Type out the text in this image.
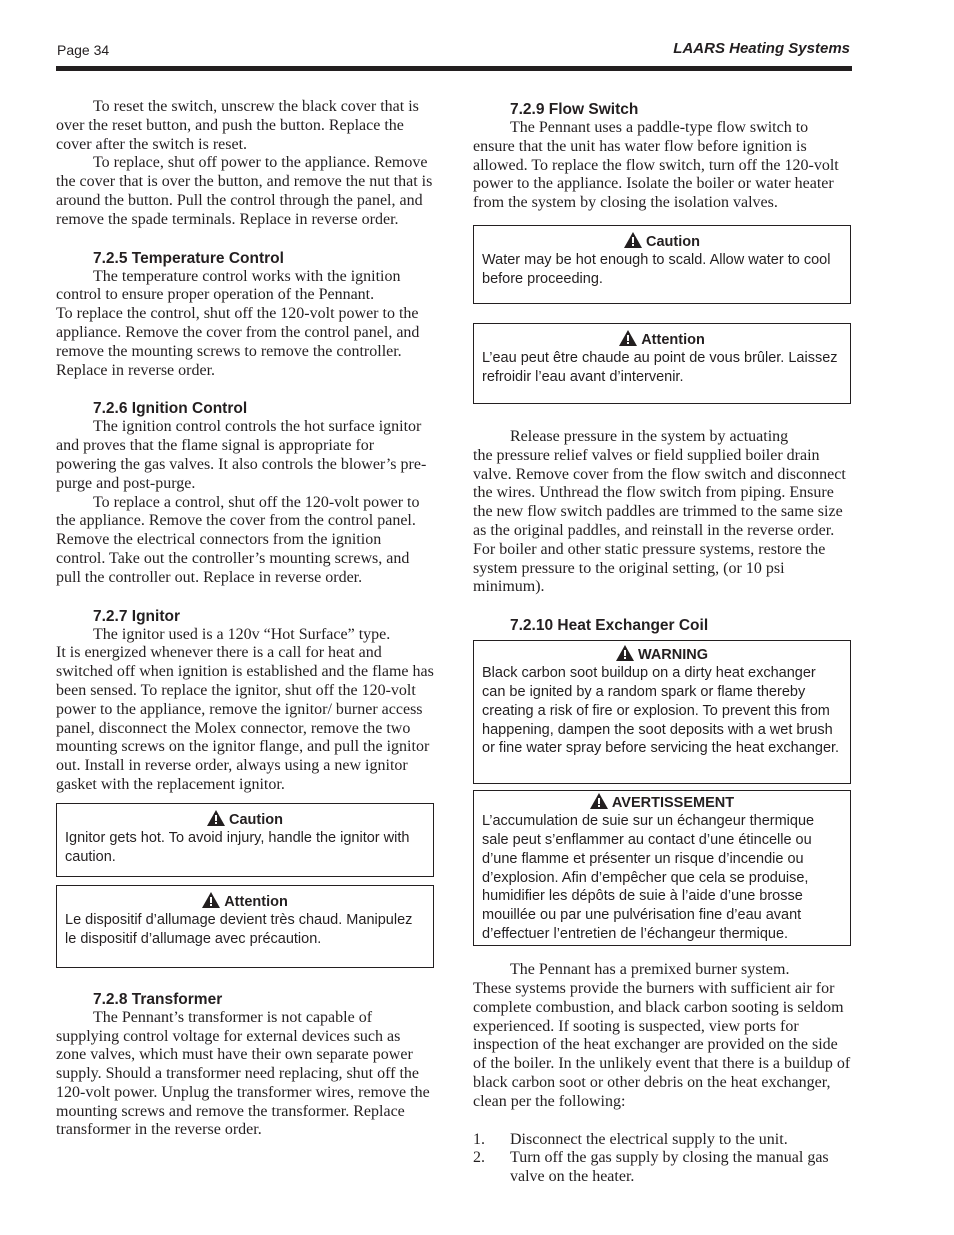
Page 34	LAARS Heating Systems

To reset the switch, unscrew the black cover that is over the reset button, and push the button. Replace the cover after the switch is reset.

To replace, shut off power to the appliance. Remove the cover that is over the button, and remove the nut that is around the button. Pull the control through the panel, and remove the spade terminals. Replace in reverse order.

7.2.5 Temperature Control

The temperature control works with the ignition control to ensure proper operation of the Pennant.

To replace the control, shut off the 120-volt power to the appliance. Remove the cover from the control panel, and remove the mounting screws to remove the controller. Replace in reverse order.

7.2.6 Ignition Control

The ignition control controls the hot surface ignitor and proves that the flame signal is appropriate for powering the gas valves. It also controls the blower’s pre-purge and post-purge.

To replace a control, shut off the 120-volt power to the appliance. Remove the cover from the control panel. Remove the electrical connectors from the ignition control. Take out the controller’s mounting screws, and pull the controller out. Replace in reverse order.

7.2.7 Ignitor

The ignitor used is a 120v “Hot Surface” type.

It is energized whenever there is a call for heat and switched off when ignition is established and the flame has been sensed. To replace the ignitor, shut off the 120-volt power to the appliance, remove the ignitor/ burner access panel, disconnect the Molex connector, remove the two mounting screws on the ignitor flange, and pull the ignitor out. Install in reverse order, always using a new ignitor gasket with the replacement ignitor.

Caution
Ignitor gets hot. To avoid injury, handle the ignitor with caution.
Attention
Le dispositif d’allumage devient très chaud. Manipulez le dispositif d’allumage avec précaution.

7.2.8 Transformer

The Pennant’s transformer is not capable of supplying control voltage for external devices such as zone valves, which must have their own separate power supply. Should a transformer need replacing, shut off the 120-volt power. Unplug the transformer wires, remove the mounting screws and remove the transformer. Replace transformer in the reverse order.

7.2.9 Flow Switch

The Pennant uses a paddle-type flow switch to ensure that the unit has water flow before ignition is allowed. To replace the flow switch, turn off the 120-volt power to the appliance. Isolate the boiler or water heater from the system by closing the isolation valves.

Caution
Water may be hot enough to scald. Allow water to cool before proceeding.
Attention
L’eau peut être chaude au point de vous brûler. Laissez refroidir l’eau avant d’intervenir.

Release pressure in the system by actuating

the pressure relief valves or field supplied boiler drain valve. Remove cover from the flow switch and disconnect the wires. Unthread the flow switch from piping. Ensure the new flow switch paddles are trimmed to the same size as the original paddles, and reinstall in the reverse order. For boiler and other static pressure systems, restore the system pressure to the original setting, (or 10 psi minimum).

7.2.10 Heat Exchanger Coil

WARNING
Black carbon soot buildup on a dirty heat exchanger can be ignited by a random spark or flame thereby creating a risk of fire or explosion. To prevent this from happening, dampen the soot deposits with a wet brush or fine water spray before servicing the heat exchanger.
AVERTISSEMENT
L’accumulation de suie sur un échangeur thermique sale peut s’enflammer au contact d’une étincelle ou d’une flamme et présenter un risque d’incendie ou d’explosion. Afin d’empêcher que cela se produise, humidifier les dépôts de suie à l’aide d’une brosse mouillée ou par une pulvérisation fine d’eau avant d’effectuer l’entretien de l’échangeur thermique.

The Pennant has a premixed burner system.

These systems provide the burners with sufficient air for complete combustion, and black carbon sooting is seldom experienced. If sooting is suspected, view ports for inspection of the heat exchanger are provided on the side of the boiler. In the unlikely event that there is a buildup of black carbon soot or other debris on the heat exchanger, clean per the following:

1. Disconnect the electrical supply to the unit.
2. Turn off the gas supply by closing the manual gas valve on the heater.
